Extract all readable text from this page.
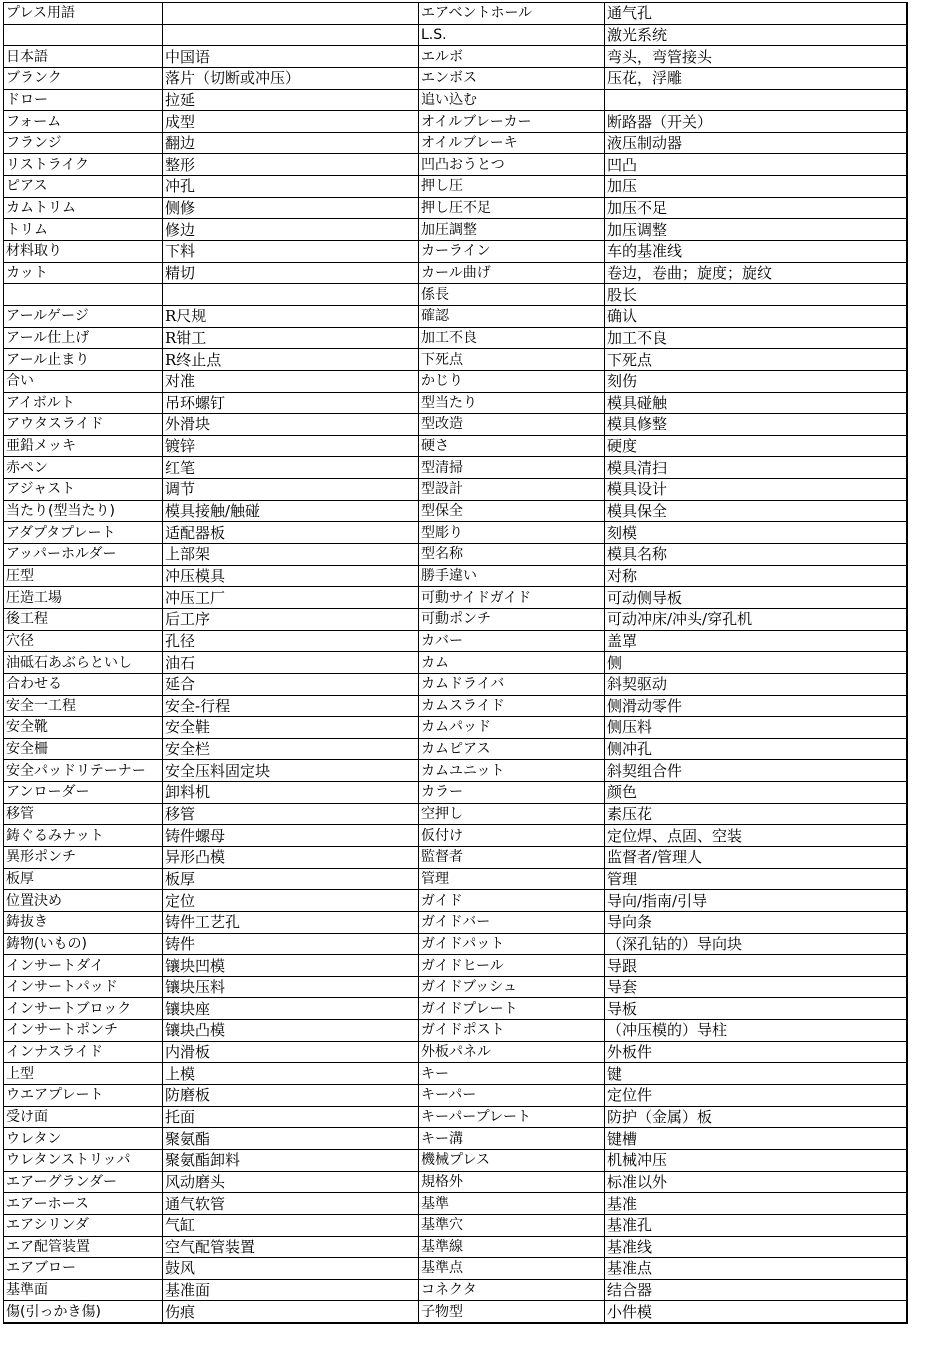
プレス用語		エアベントホール	通气孔
		L.S.	激光系统
日本語	中国语	エルボ	弯头，弯管接头
ブランク	落片（切断或冲压）	エンボス	压花，浮雕
ドロー	拉延	追い込む	
フォーム	成型	オイルブレーカー	断路器（开关）
フランジ	翻边	オイルブレーキ	液压制动器
リストライク	整形	凹凸おうとつ	凹凸
ピアス	冲孔	押し圧	加压
カムトリム	侧修	押し圧不足	加压不足
トリム	修边	加圧調整	加压调整
材料取り	下料	カーライン	车的基准线
カット	精切	カール曲げ	卷边，卷曲；旋度；旋纹
		係長	股长
アールゲージ	R尺规	確認	确认
アール仕上げ	R钳工	加工不良	加工不良
アール止まり	R终止点	下死点	下死点
合い	对准	かじり	刻伤
アイボルト	吊环螺钉	型当たり	模具碰触
アウタスライド	外滑块	型改造	模具修整
亜鉛メッキ	镀锌	硬さ	硬度
赤ペン	红笔	型清掃	模具清扫
アジャスト	调节	型設計	模具设计
当たり(型当たり)	模具接触/触碰	型保全	模具保全
アダプタプレート	适配器板	型彫り	刻模
アッパーホルダー	上部架	型名称	模具名称
圧型	冲压模具	勝手違い	对称
圧造工場	冲压工厂	可動サイドガイド	可动侧导板
後工程	后工序	可動ポンチ	可动冲床/冲头/穿孔机
穴径	孔径	カバー	盖罩
油砥石あぶらといし	油石	カム	侧
合わせる	延合	カムドライバ	斜契驱动
安全一工程	安全-行程	カムスライド	侧滑动零件
安全靴	安全鞋	カムパッド	侧压料
安全柵	安全栏	カムピアス	侧冲孔
安全パッドリテーナー	安全压料固定块	カムユニット	斜契组合件
アンローダー	卸料机	カラー	颜色
移管	移管	空押し	素压花
鋳ぐるみナット	铸件螺母	仮付け	定位焊、点固、空装
異形ポンチ	异形凸模	監督者	监督者/管理人
板厚	板厚	管理	管理
位置決め	定位	ガイド	导向/指南/引导
鋳抜き	铸件工艺孔	ガイドバー	导向条
鋳物(いもの)	铸件	ガイドパット	（深孔钻的）导向块
インサートダイ	镶块凹模	ガイドヒール	导跟
インサートパッド	镶块压料	ガイドブッシュ	导套
インサートブロック	镶块座	ガイドプレート	导板
インサートポンチ	镶块凸模	ガイドポスト	（冲压模的）导柱
インナスライド	内滑板	外板パネル	外板件
上型	上模	キー	键
ウエアプレート	防磨板	キーパー	定位件
受け面	托面	キーパープレート	防护（金属）板
ウレタン	聚氨酯	キー溝	键槽
ウレタンストリッパ	聚氨酯卸料	機械プレス	机械冲压
エアーグランダー	风动磨头	規格外	标准以外
エアーホース	通气软管	基準	基准
エアシリンダ	气缸	基準穴	基准孔
エア配管装置	空气配管装置	基準線	基准线
エアブロー	鼓风	基準点	基准点
基準面	基准面	コネクタ	结合器
傷(引っかき傷)	伤痕	子物型	小件模
